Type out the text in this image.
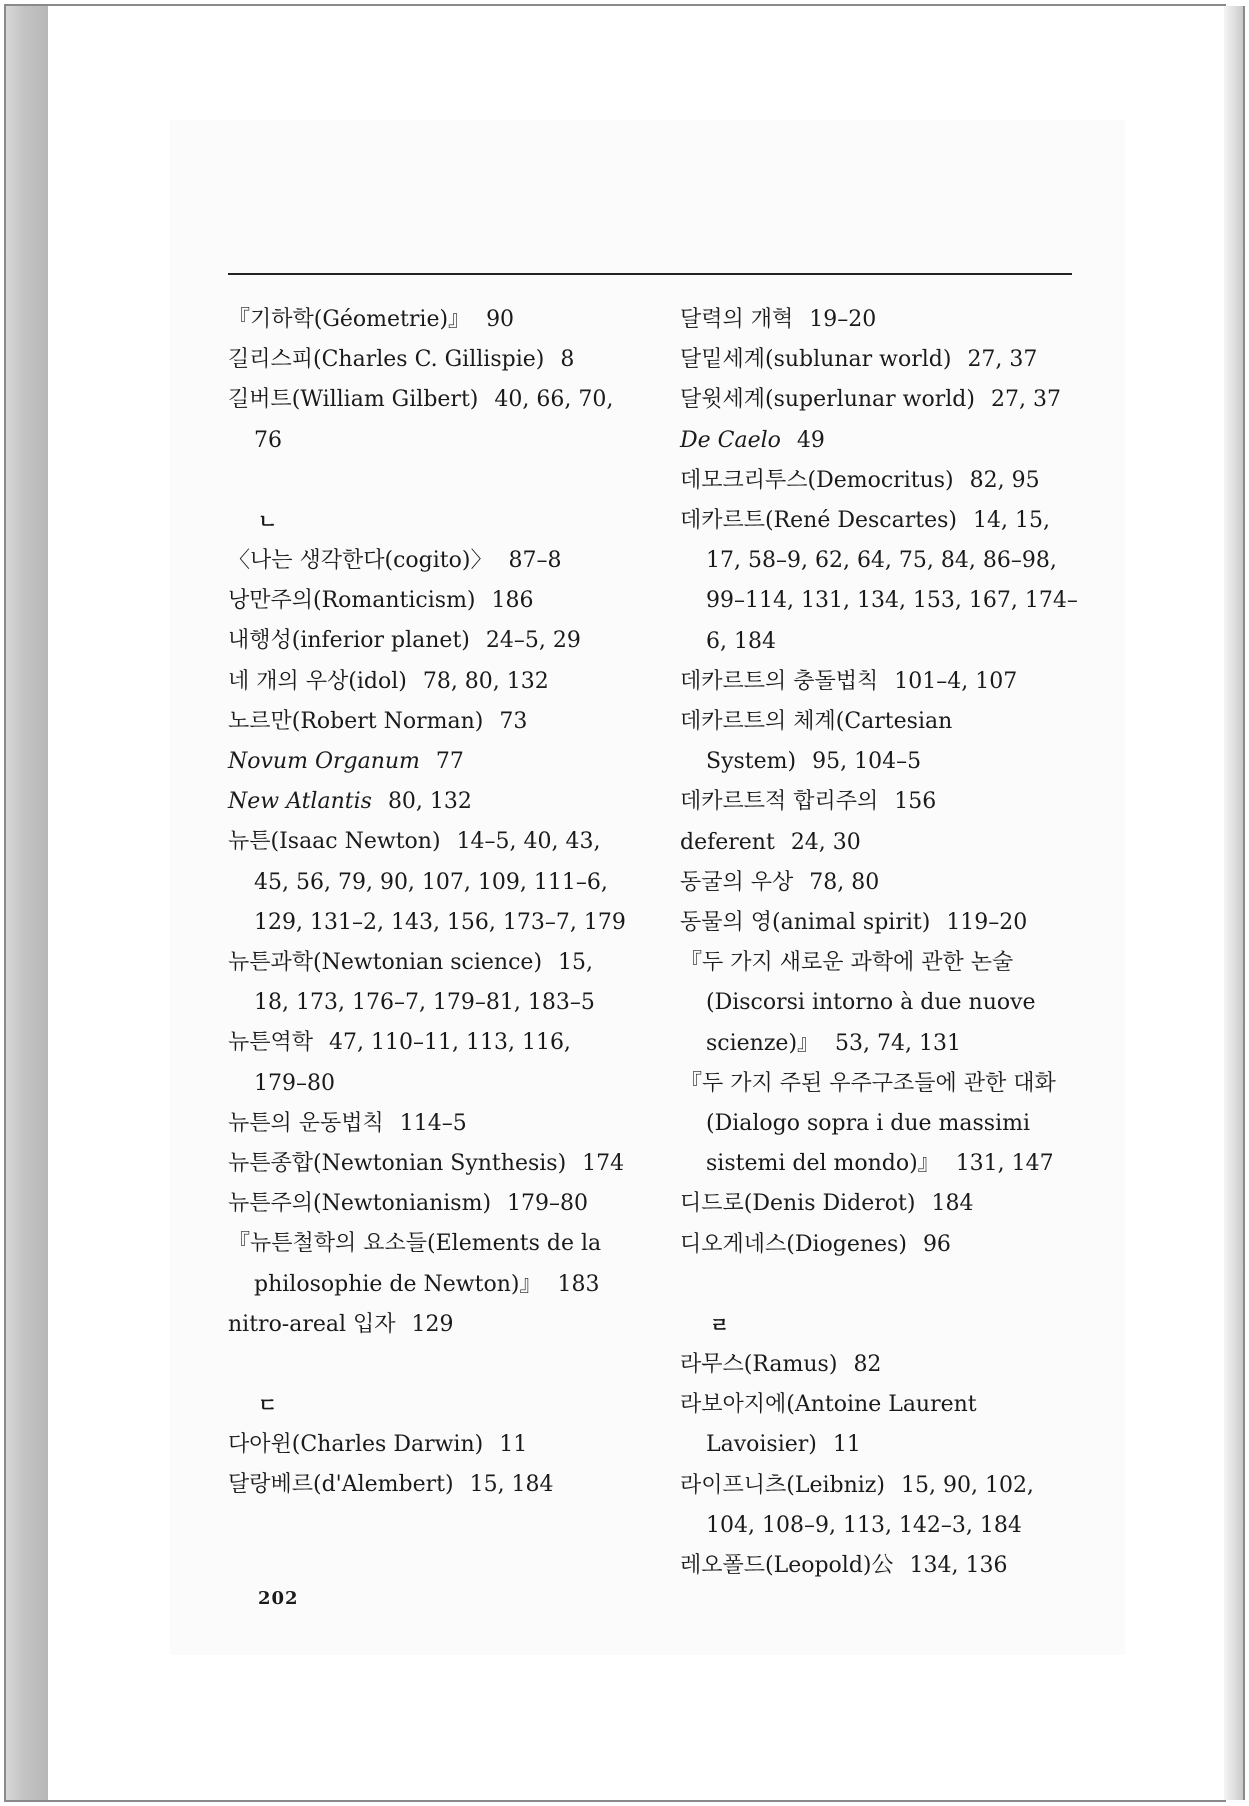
『기하학(Géometrie)』 90
길리스피(Charles C. Gillispie) 8
길버트(William Gilbert) 40, 66, 70, 76
ㄴ
〈나는 생각한다(cogito)〉 87–8
낭만주의(Romanticism) 186
내행성(inferior planet) 24–5, 29
네 개의 우상(idol) 78, 80, 132
노르만(Robert Norman) 73
Novum Organum 77
New Atlantis 80, 132
뉴튼(Isaac Newton) 14–5, 40, 43, 45, 56, 79, 90, 107, 109, 111–6, 129, 131–2, 143, 156, 173–7, 179
뉴튼과학(Newtonian science) 15, 18, 173, 176–7, 179–81, 183–5
뉴튼역학 47, 110–11, 113, 116, 179–80
뉴튼의 운동법칙 114–5
뉴튼종합(Newtonian Synthesis) 174
뉴튼주의(Newtonianism) 179–80
『뉴튼철학의 요소들(Elements de la philosophie de Newton)』 183
nitro-areal 입자 129
ㄷ
다아윈(Charles Darwin) 11
달랑베르(d'Alembert) 15, 184
달력의 개혁 19–20
달밑세계(sublunar world) 27, 37
달윗세계(superlunar world) 27, 37
De Caelo 49
데모크리투스(Democritus) 82, 95
데카르트(René Descartes) 14, 15, 17, 58–9, 62, 64, 75, 84, 86–98, 99–114, 131, 134, 153, 167, 174–6, 184
데카르트의 충돌법칙 101–4, 107
데카르트의 체계(Cartesian System) 95, 104–5
데카르트적 합리주의 156
deferent 24, 30
동굴의 우상 78, 80
동물의 영(animal spirit) 119–20
『두 가지 새로운 과학에 관한 논술 (Discorsi intorno à due nuove scienze)』 53, 74, 131
『두 가지 주된 우주구조들에 관한 대화(Dialogo sopra i due massimi sistemi del mondo)』 131, 147
디드로(Denis Diderot) 184
디오게네스(Diogenes) 96
ㄹ
라무스(Ramus) 82
라보아지에(Antoine Laurent Lavoisier) 11
라이프니츠(Leibniz) 15, 90, 102, 104, 108–9, 113, 142–3, 184
레오폴드(Leopold)公 134, 136
202
